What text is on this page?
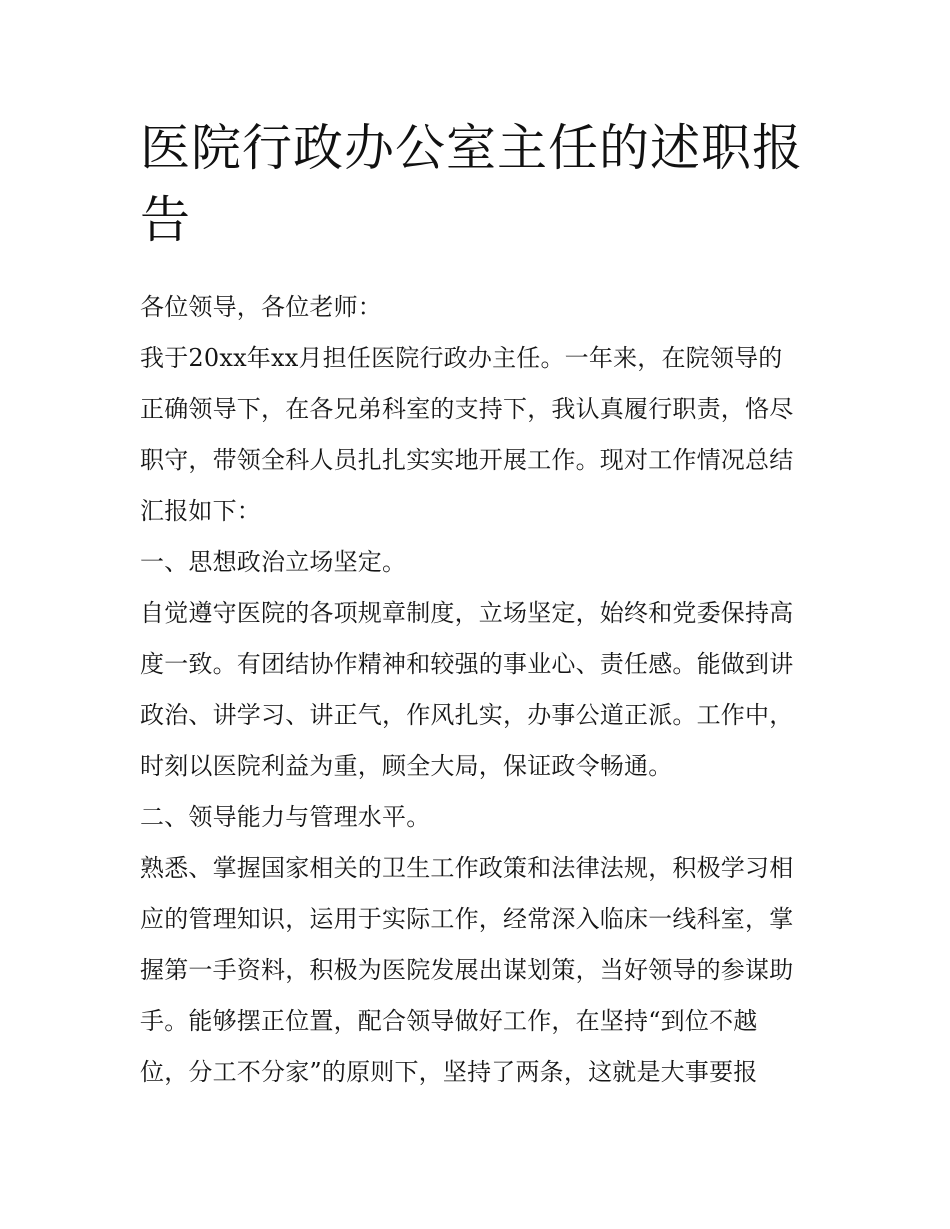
医院行政办公室主任的述职报
告

各位领导，各位老师：

我于20xx年xx月担任医院行政办主任。一年来，在院领导的
正确领导下，在各兄弟科室的支持下，我认真履行职责，恪尽
职守，带领全科人员扎扎实实地开展工作。现对工作情况总结
汇报如下：

一、思想政治立场坚定。

自觉遵守医院的各项规章制度，立场坚定，始终和党委保持高
度一致。有团结协作精神和较强的事业心、责任感。能做到讲
政治、讲学习、讲正气，作风扎实，办事公道正派。工作中，
时刻以医院利益为重，顾全大局，保证政令畅通。

二、领导能力与管理水平。

熟悉、掌握国家相关的卫生工作政策和法律法规，积极学习相
应的管理知识，运用于实际工作，经常深入临床一线科室，掌
握第一手资料，积极为医院发展出谋划策，当好领导的参谋助
手。能够摆正位置，配合领导做好工作，在坚持“到位不越
位，分工不分家”的原则下，坚持了两条，这就是大事要报
